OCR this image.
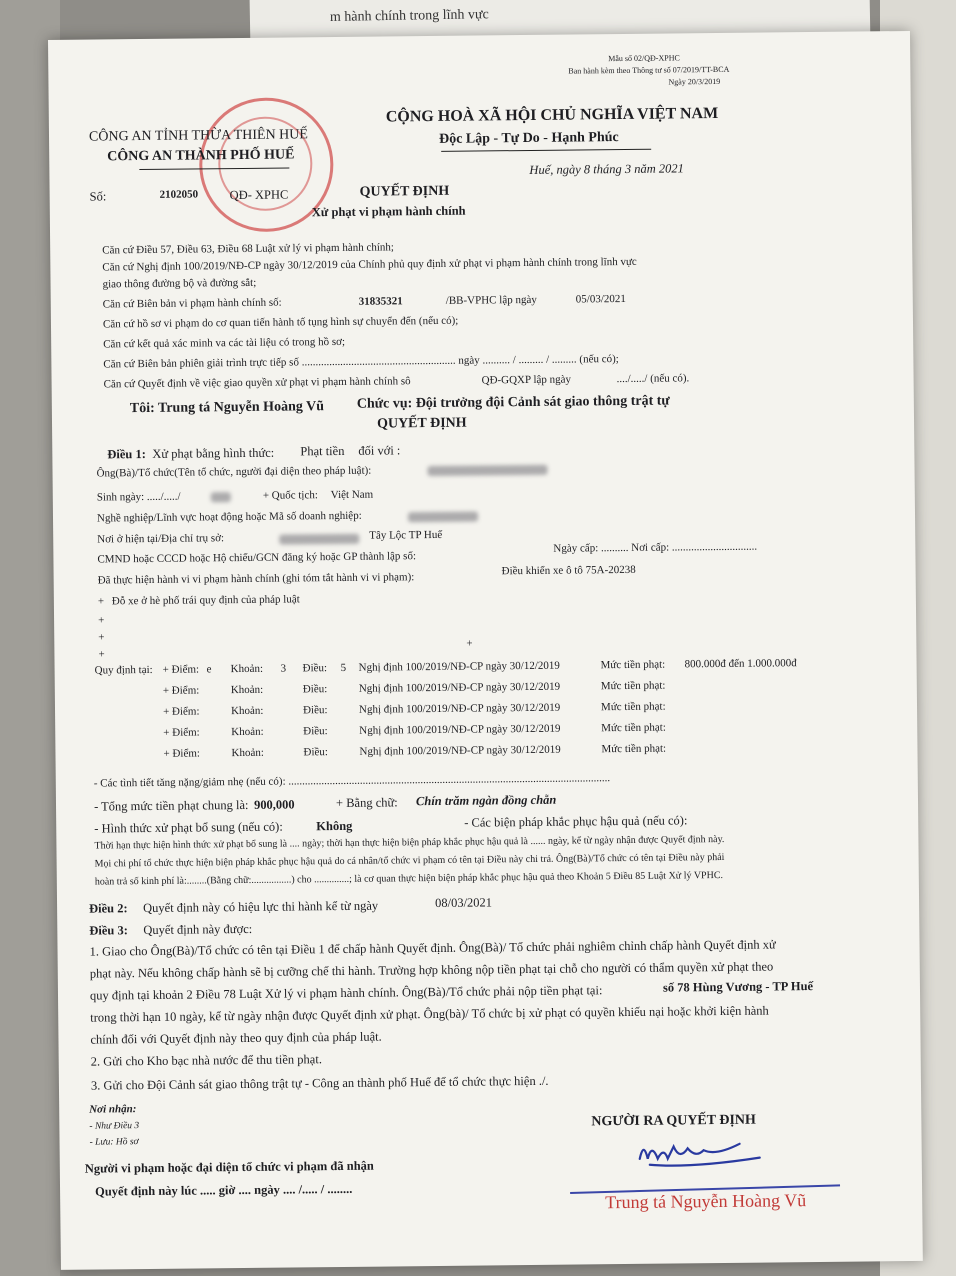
m hành chính trong lĩnh vực
Mẫu số 02/QĐ-XPHC
Ban hành kèm theo Thông tư số 07/2019/TT-BCA
Ngày 20/3/2019
CÔNG AN TỈNH THỪA THIÊN HUẾ
CÔNG AN THÀNH PHỐ HUẾ
CỘNG HOÀ XÃ HỘI CHỦ NGHĨA VIỆT NAM
Độc Lập - Tự Do - Hạnh Phúc
Huế, ngày 8 tháng 3 năm 2021
Số:	2102050	QĐ- XPHC	QUYẾT ĐỊNH
Xử phạt vi phạm hành chính
Căn cứ Điều 57, Điều 63, Điều 68 Luật xử lý vi phạm hành chính;
Căn cứ Nghị định 100/2019/NĐ-CP ngày 30/12/2019 của Chính phủ quy định xử phạt vi phạm hành chính trong lĩnh vực
giao thông đường bộ và đường sắt;
Căn cứ Biên bản vi phạm hành chính số:	31835321	/BB-VPHC lập ngày	05/03/2021
Căn cứ hồ sơ vi phạm do cơ quan tiến hành tố tụng hình sự chuyển đến (nếu có);
Căn cứ kết quả xác minh va các tài liệu có trong hồ sơ;
Căn cứ Biên bản phiên giải trình trực tiếp số ........................................................ ngày .......... / ......... / ......... (nếu có);
Căn cứ Quyết định về việc giao quyền xử phạt vi phạm hành chính sô	QĐ-GQXP lập ngày	..../...../ (nếu có).
Tôi: Trung tá Nguyễn Hoàng Vũ Chức vụ: Đội trưởng đội Cảnh sát giao thông trật tự
QUYẾT ĐỊNH
Điều 1: Xử phạt bằng hình thức: Phạt tiền đối với :
Ông(Bà)/Tổ chức(Tên tổ chức, người đại diện theo pháp luật):
Sinh ngày: ...../...../	+ Quốc tịch: Việt Nam
Nghề nghiệp/Lĩnh vực hoạt động hoặc Mã số doanh nghiệp:
Nơi ở hiện tại/Địa chỉ trụ sở:	Tây Lộc TP Huế
CMND hoặc CCCD hoặc Hộ chiếu/GCN đăng ký hoặc GP thành lập số:
Ngày cấp: .......... Nơi cấp: ...............................
Đã thực hiện hành vi vi phạm hành chính (ghi tóm tắt hành vi vi phạm):
Điều khiển xe ô tô 75A-20238
+ Đỗ xe ở hè phố trái quy định của pháp luật
+
+
+
+
Quy định tại: + Điểm: e Khoản: 3 Điều: 5 Nghị định 100/2019/NĐ-CP ngày 30/12/2019	Mức tiền phạt: 800.000đ đến 1.000.000đ
+ Điểm:	Khoản:	Điều:	Nghị định 100/2019/NĐ-CP ngày 30/12/2019	Mức tiền phạt:
+ Điểm:	Khoản:	Điều:	Nghị định 100/2019/NĐ-CP ngày 30/12/2019	Mức tiền phạt:
+ Điểm:	Khoản:	Điều:	Nghị định 100/2019/NĐ-CP ngày 30/12/2019	Mức tiền phạt:
+ Điểm:	Khoản:	Điều:	Nghị định 100/2019/NĐ-CP ngày 30/12/2019	Mức tiền phạt:
- Các tình tiết tăng nặng/giảm nhẹ (nếu có): .....................................................................................................................
- Tổng mức tiền phạt chung là: 900,000	+ Bằng chữ: Chín trăm ngàn đồng chẵn
- Hình thức xử phạt bổ sung (nếu có):	Không	- Các biện pháp khắc phục hậu quả (nếu có):
Thời hạn thực hiện hình thức xử phạt bổ sung là .... ngày; thời hạn thực hiện biện pháp khắc phục hậu quả là ...... ngày, kể từ ngày nhận được Quyết định này.
Mọi chi phí tổ chức thực hiện biện pháp khắc phục hậu quả do cá nhân/tổ chức vi phạm có tên tại Điều này chi trả. Ông(Bà)/Tổ chức có tên tại Điều này phải
hoàn trả số kinh phí là:........(Bằng chữ:................) cho ..............; là cơ quan thực hiện biện pháp khắc phục hậu quả theo Khoản 5 Điều 85 Luật Xử lý VPHC.
Điều 2: Quyết định này có hiệu lực thi hành kể từ ngày	08/03/2021
Điều 3: Quyết định này được:
1. Giao cho Ông(Bà)/Tổ chức có tên tại Điều 1 để chấp hành Quyết định. Ông(Bà)/ Tổ chức phải nghiêm chỉnh chấp hành Quyết định xử
phạt này. Nếu không chấp hành sẽ bị cưỡng chế thi hành. Trường hợp không nộp tiền phạt tại chỗ cho người có thẩm quyền xử phạt theo
quy định tại khoản 2 Điều 78 Luật Xử lý vi phạm hành chính. Ông(Bà)/Tổ chức phải nộp tiền phạt tại:	số 78 Hùng Vương - TP Huế
trong thời hạn 10 ngày, kể từ ngày nhận được Quyết định xử phạt. Ông(bà)/ Tổ chức bị xử phạt có quyền khiếu nại hoặc khởi kiện hành
chính đối với Quyết định này theo quy định của pháp luật.
2. Gửi cho Kho bạc nhà nước để thu tiền phạt.
3. Gửi cho Đội Cảnh sát giao thông trật tự - Công an thành phố Huế để tổ chức thực hiện ./.
Nơi nhận:
- Như Điều 3
- Lưu: Hồ sơ
Người vi phạm hoặc đại diện tổ chức vi phạm đã nhận
Quyết định này lúc ..... giờ .... ngày .... /..... / ........
NGƯỜI RA QUYẾT ĐỊNH
Trung tá Nguyễn Hoàng Vũ
